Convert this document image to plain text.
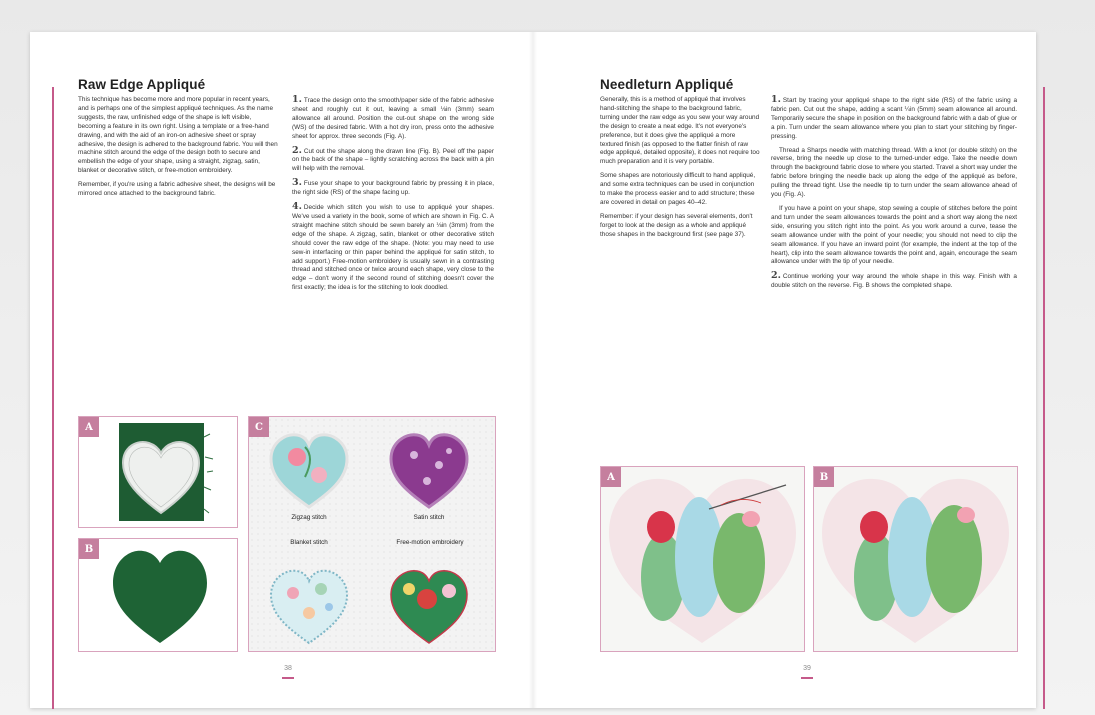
Raw Edge Appliqué

This technique has become more and more popular in recent years, and is perhaps one of the simplest appliqué techniques. As the name suggests, the raw, unfinished edge of the shape is left visible, becoming a feature in its own right. Using a template or a free-hand drawing, and with the aid of an iron-on adhesive sheet or spray adhesive, the design is adhered to the background fabric. You will then machine stitch around the edge of the design both to secure and embellish the edge of your shape, using a straight, zigzag, satin, blanket or decorative stitch, or free-motion embroidery.

Remember, if you're using a fabric adhesive sheet, the designs will be mirrored once attached to the background fabric.

1. Trace the design onto the smooth/paper side of the fabric adhesive sheet and roughly cut it out, leaving a small ⅛in (3mm) seam allowance all around. Position the cut-out shape on the wrong side (WS) of the desired fabric. With a hot dry iron, press onto the adhesive sheet for approx. three seconds (Fig. A).

2. Cut out the shape along the drawn line (Fig. B). Peel off the paper on the back of the shape – lightly scratching across the back with a pin will help with the removal.

3. Fuse your shape to your background fabric by pressing it in place, the right side (RS) of the shape facing up.

4. Decide which stitch you wish to use to appliqué your shapes. We've used a variety in the book, some of which are shown in Fig. C. A straight machine stitch should be sewn barely an ⅛in (3mm) from the edge of the shape. A zigzag, satin, blanket or other decorative stitch should cover the raw edge of the shape. (Note: you may need to use sew-in interfacing or thin paper behind the appliqué for satin stitch, to add support.) Free-motion embroidery is usually sewn in a contrasting thread and stitched once or twice around each shape, very close to the edge – don't worry if the second round of stitching doesn't cover the first exactly; the idea is for the stitching to look doodled.

A
B
C
Zigzag stitch	Satin stitch
Blanket stitch	Free-motion embroidery
38
Needleturn Appliqué

Generally, this is a method of appliqué that involves hand-stitching the shape to the background fabric, turning under the raw edge as you sew your way around the design to create a neat edge. It's not everyone's preference, but it does give the appliqué a more textured finish (as opposed to the flatter finish of raw edge appliqué, detailed opposite), it does not require too much preparation and it is very portable.

Some shapes are notoriously difficult to hand appliqué, and some extra techniques can be used in conjunction to make the process easier and to add structure; these are covered in detail on pages 40–42.

Remember: if your design has several elements, don't forget to look at the design as a whole and appliqué those shapes in the background first (see page 37).

1. Start by tracing your appliqué shape to the right side (RS) of the fabric using a fabric pen. Cut out the shape, adding a scant ¼in (5mm) seam allowance all around. Temporarily secure the shape in position on the background fabric with a dab of glue or a pin. Turn under the seam allowance where you plan to start your stitching by finger-pressing.

Thread a Sharps needle with matching thread. With a knot (or double stitch) on the reverse, bring the needle up close to the turned-under edge. Take the needle down through the background fabric close to where you started. Travel a short way under the fabric before bringing the needle back up along the edge of the appliqué as before, pulling the thread tight. Use the needle tip to turn under the seam allowance ahead of you (Fig. A).

If you have a point on your shape, stop sewing a couple of stitches before the point and turn under the seam allowances towards the point and a short way along the next side, ensuring you stitch right into the point. As you work around a curve, tease the seam allowance under with the point of your needle; you should not need to clip the seam allowance. If you have an inward point (for example, the indent at the top of the heart), clip into the seam allowance towards the point and, again, encourage the seam allowance under with the tip of your needle.

2. Continue working your way around the whole shape in this way. Finish with a double stitch on the reverse. Fig. B shows the completed shape.

A	B
39
